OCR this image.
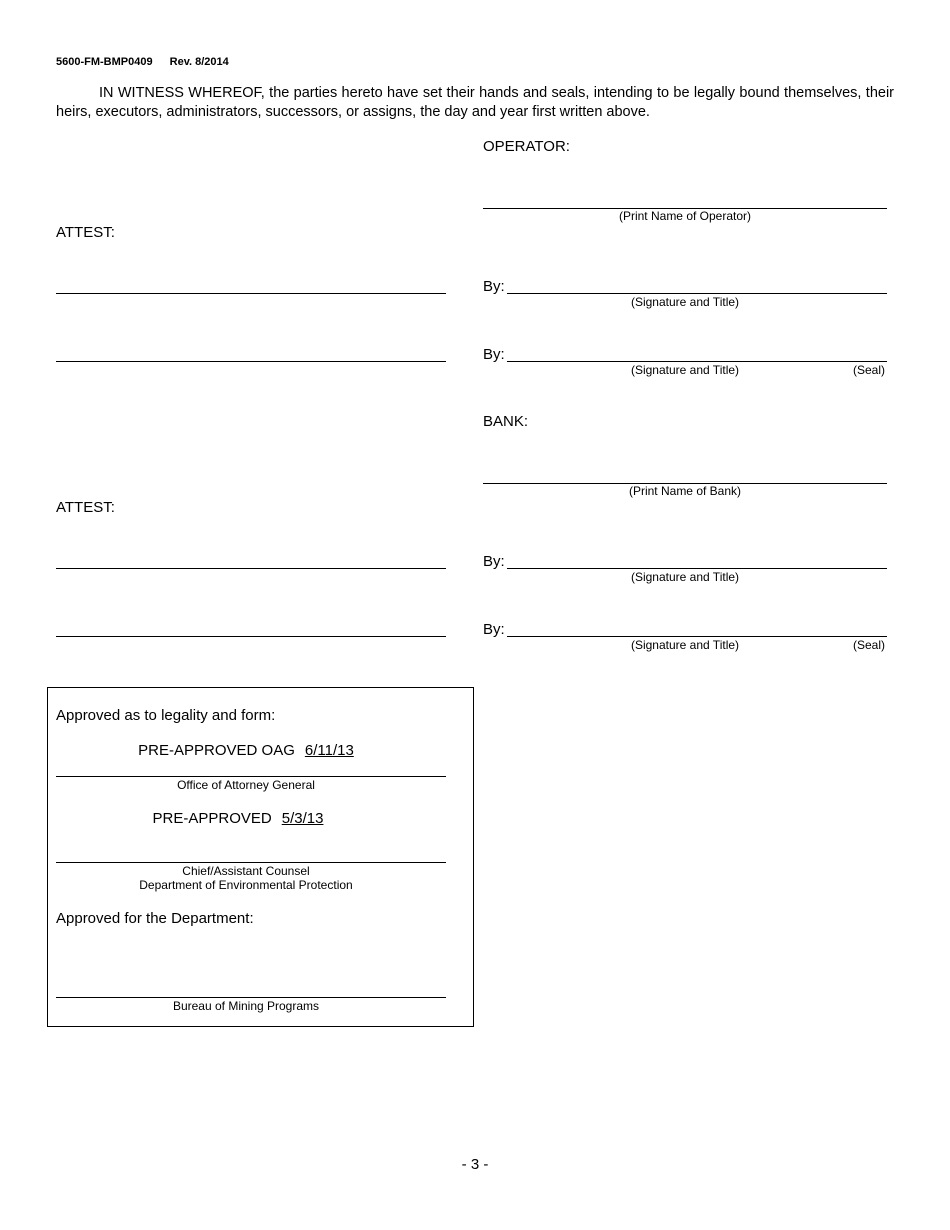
5600-FM-BMP0409 Rev. 8/2014
IN WITNESS WHEREOF, the parties hereto have set their hands and seals, intending to be legally bound themselves, their heirs, executors, administrators, successors, or assigns, the day and year first written above.
OPERATOR:
(Print Name of Operator)
ATTEST:
By:
(Signature and Title)
By:
(Signature and Title)	(Seal)
BANK:
(Print Name of Bank)
ATTEST:
By:
(Signature and Title)
By:
(Signature and Title)	(Seal)
Approved as to legality and form:
PRE-APPROVED OAG 6/11/13
Office of Attorney General
PRE-APPROVED 5/3/13
Chief/Assistant Counsel
Department of Environmental Protection
Approved for the Department:
Bureau of Mining Programs
- 3 -
